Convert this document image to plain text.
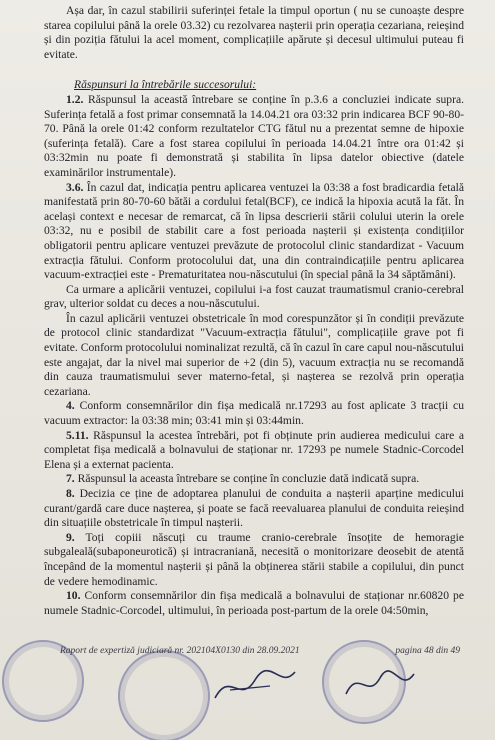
Așa dar, în cazul stabilirii suferinței fetale la timpul oportun ( nu se cunoaște despre starea copilului până la orele 03.32) cu rezolvarea nașterii prin operația cezariana, reieșind și din poziția fătului la acel moment, complicațiile apărute și decesul ultimului puteau fi evitate.

Răspunsuri la întrebările succesorului:

1.2. Răspunsul la această întrebare se conține în p.3.6 a concluziei indicate supra. Suferința fetală a fost primar consemnată la 14.04.21 ora 03:32 prin indicarea BCF 90-80-70. Până la orele 01:42 conform rezultatelor CTG fătul nu a prezentat semne de hipoxie (suferința fetală). Care a fost starea copilului în perioada 14.04.21 între ora 01:42 și 03:32min nu poate fi demonstrată și stabilita în lipsa datelor obiective (datele examinărilor instrumentale).

3.6. În cazul dat, indicația pentru aplicarea ventuzei la 03:38 a fost bradicardia fetală manifestată prin 80-70-60 bătăi a cordului fetal(BCF), ce indică la hipoxia acută la făt. În același context e necesar de remarcat, că în lipsa descrierii stării colului uterin la orele 03:32, nu e posibil de stabilit care a fost perioada nașterii și existența condițiilor obligatorii pentru aplicare ventuzei prevăzute de protocolul clinic standardizat - Vacuum extracția fătului. Conform protocolului dat, una din contraindicațiile pentru aplicarea vacuum-extracției este - Prematuritatea nou-născutului (în special până la 34 săptămâni).

Ca urmare a aplicării ventuzei, copilului i-a fost cauzat traumatismul cranio-cerebral grav, ulterior soldat cu deces a nou-născutului.

În cazul aplicării ventuzei obstetricale în mod corespunzător și în condiții prevăzute de protocol clinic standardizat "Vacuum-extracția fătului", complicațiile grave pot fi evitate. Conform protocolului nominalizat rezultă, că în cazul în care capul nou-născutului este angajat, dar la nivel mai superior de +2 (din 5), vacuum extracția nu se recomandă din cauza traumatismului sever materno-fetal, și nașterea se rezolvă prin operația cezariana.

4. Conform consemnărilor din fișa medicală nr.17293 au fost aplicate 3 tracții cu vacuum extractor: la 03:38 min; 03:41 min și 03:44min.

5.11. Răspunsul la acestea întrebări, pot fi obținute prin audierea medicului care a completat fișa medicală a bolnavului de staționar nr. 17293 pe numele Stadnic-Corcodel Elena și a externat pacienta.

7. Răspunsul la aceasta întrebare se conține în concluzie dată indicată supra.

8. Decizia ce ține de adoptarea planului de conduita a nașterii aparține medicului curant/gardă care duce nașterea, și poate se facă reevaluarea planului de conduita reieșind din situațiile obstetricale în timpul nașterii.

9. Toți copiii născuți cu traume cranio-cerebrale însoțite de hemoragie subgaleală(subaponeurotică) și intracraniană, necesită o monitorizare deosebit de atentă începând de la momentul nașterii și până la obținerea stării stabile a copilului, din punct de vedere hemodinamic.

10. Conform consemnărilor din fișa medicală a bolnavului de staționar nr.60820 pe numele Stadnic-Corcodel, ultimului, în perioada post-partum de la orele 04:50min,

Raport de expertiză judiciară nr. 202104X0130 din 28.09.2021	pagina 48 din 49
